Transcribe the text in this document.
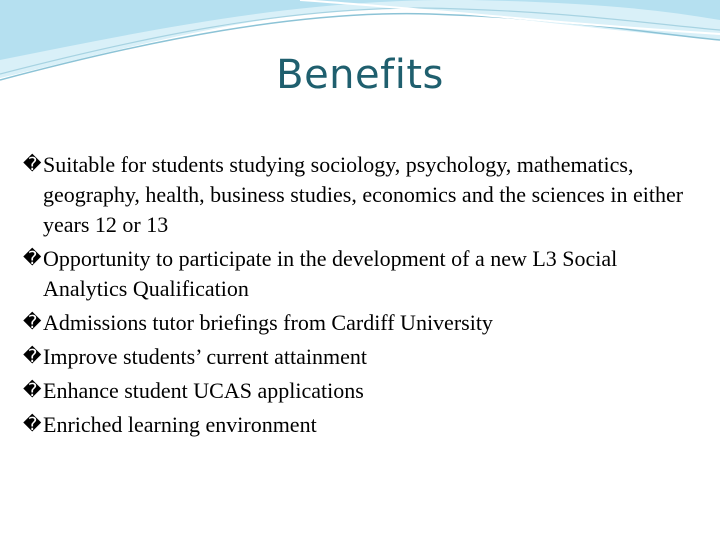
Benefits
� Suitable for students studying sociology, psychology, mathematics, geography, health, business studies, economics and the sciences in either years 12 or 13
� Opportunity to participate in the development of a new L3 Social Analytics Qualification
� Admissions tutor briefings from Cardiff University
� Improve students’ current attainment
� Enhance student UCAS applications
� Enriched learning environment
